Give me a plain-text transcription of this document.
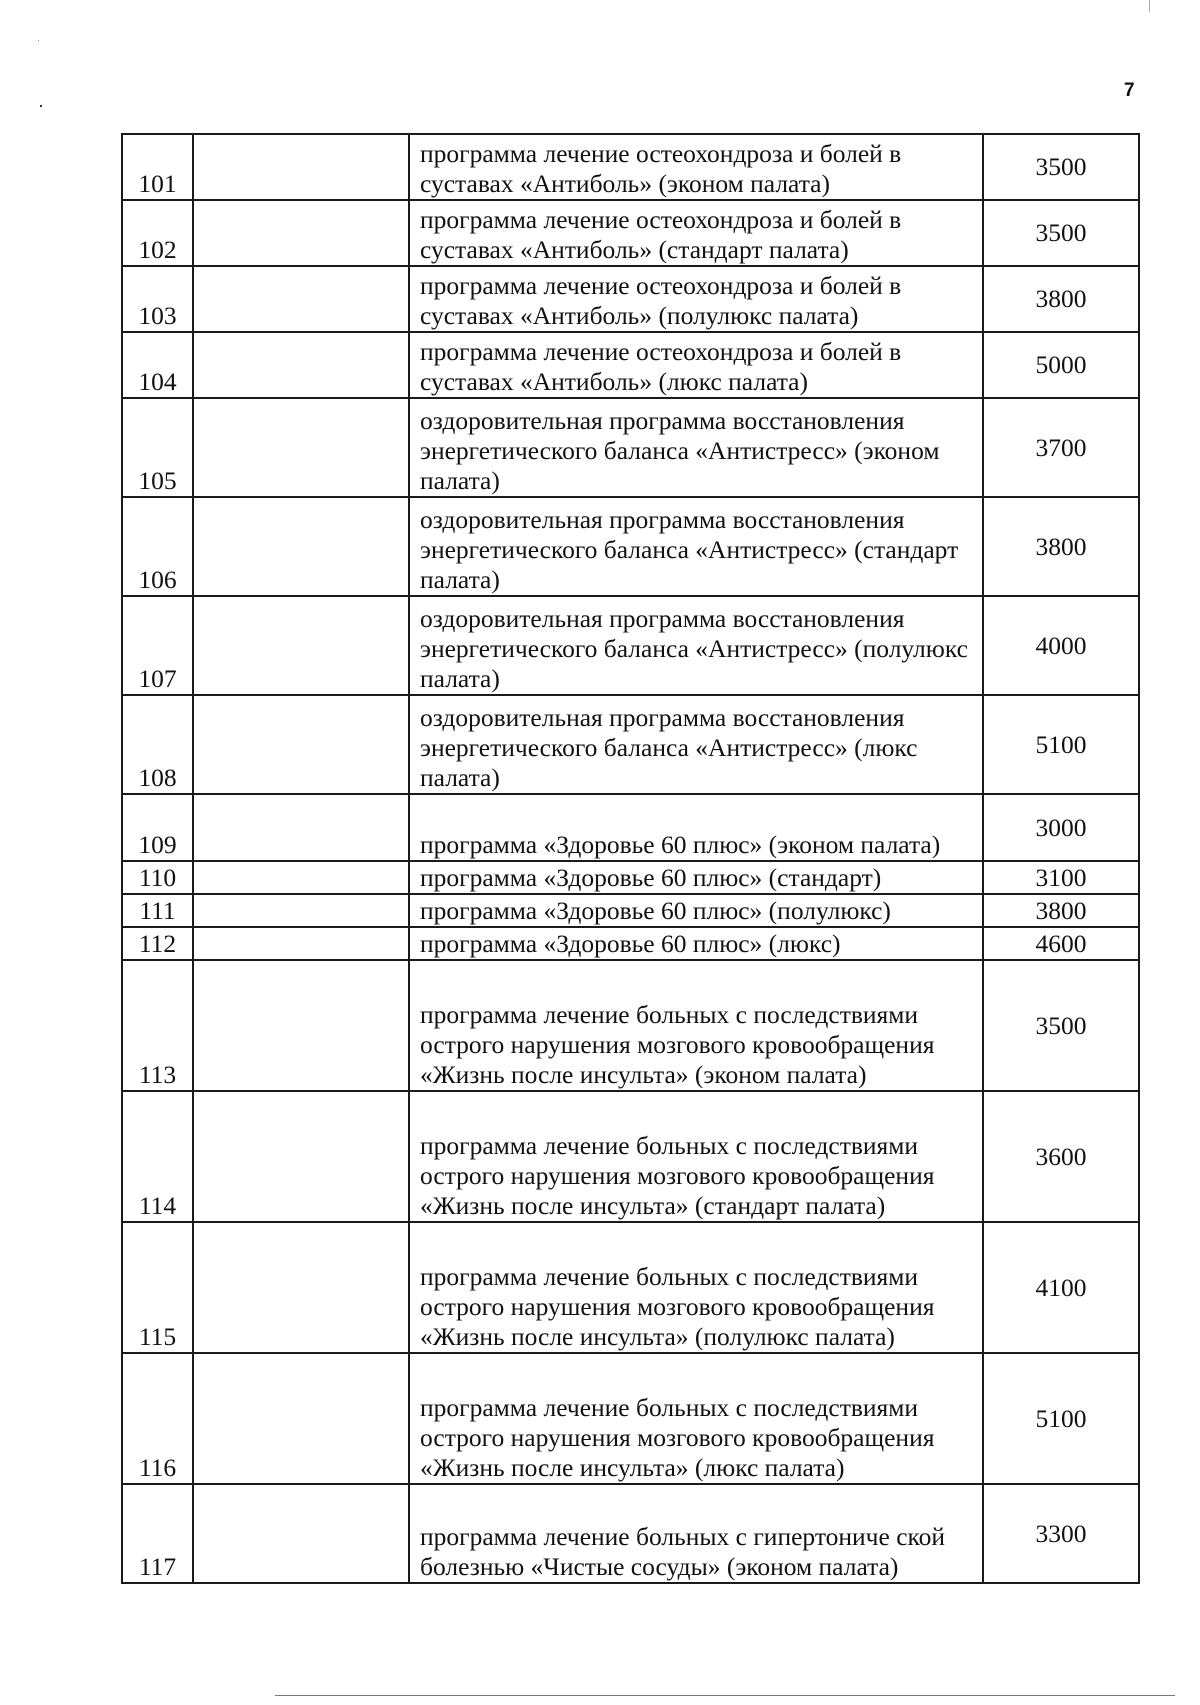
7
101		программа лечение остеохондроза и болей в суставах «Антиболь» (эконом палата)	3500
102		программа лечение остеохондроза и болей в суставах «Антиболь» (стандарт палата)	3500
103		программа лечение остеохондроза и болей в суставах «Антиболь» (полулюкс палата)	3800
104		программа лечение остеохондроза и болей в суставах «Антиболь» (люкс палата)	5000
105		оздоровительная программа восстановления энергетического баланса «Антистресс» (эконом палата)	3700
106		оздоровительная программа восстановления энергетического баланса «Антистресс» (стандарт палата)	3800
107		оздоровительная программа восстановления энергетического баланса «Антистресс» (полулюкс палата)	4000
108		оздоровительная программа восстановления энергетического баланса «Антистресс» (люкс палата)	5100
109		программа «Здоровье 60 плюс» (эконом палата)	3000
110		программа «Здоровье 60 плюс» (стандарт)	3100
111		программа «Здоровье 60 плюс» (полулюкс)	3800
112		программа «Здоровье 60 плюс» (люкс)	4600
113		программа лечение больных с последствиями острого нарушения мозгового кровообращения «Жизнь после инсульта» (эконом палата)	3500
114		программа лечение больных с последствиями острого нарушения мозгового кровообращения «Жизнь после инсульта» (стандарт палата)	3600
115		программа лечение больных с последствиями острого нарушения мозгового кровообращения «Жизнь после инсульта» (полулюкс палата)	4100
116		программа лечение больных с последствиями острого нарушения мозгового кровообращения «Жизнь после инсульта» (люкс палата)	5100
117		программа лечение больных с гипертониче ской болезнью «Чистые сосуды» (эконом палата)	3300
